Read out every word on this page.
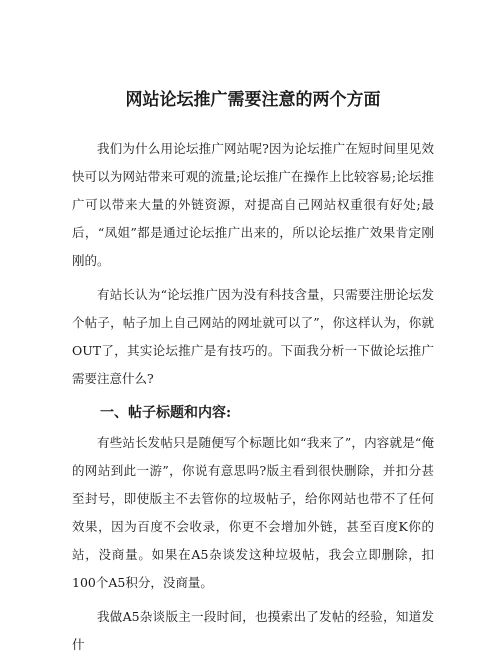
网站论坛推广需要注意的两个方面

我们为什么用论坛推广网站呢?因为论坛推广在短时间里见效快可以为网站带来可观的流量;论坛推广在操作上比较容易;论坛推广可以带来大量的外链资源，对提高自己网站权重很有好处;最后，“凤姐”都是通过论坛推广出来的，所以论坛推广效果肯定刚刚的。

有站长认为“论坛推广因为没有科技含量，只需要注册论坛发个帖子，帖子加上自己网站的网址就可以了”，你这样认为，你就OUT了，其实论坛推广是有技巧的。下面我分析一下做论坛推广需要注意什么?

一、帖子标题和内容:

有些站长发帖只是随便写个标题比如“我来了”，内容就是“俺的网站到此一游”，你说有意思吗?版主看到很快删除，并扣分甚至封号，即使版主不去管你的垃圾帖子，给你网站也带不了任何效果，因为百度不会收录，你更不会增加外链，甚至百度K你的站，没商量。如果在A5杂谈发这种垃圾帖，我会立即删除，扣100个A5积分，没商量。

我做A5杂谈版主一段时间，也摸索出了发帖的经验，知道发什
